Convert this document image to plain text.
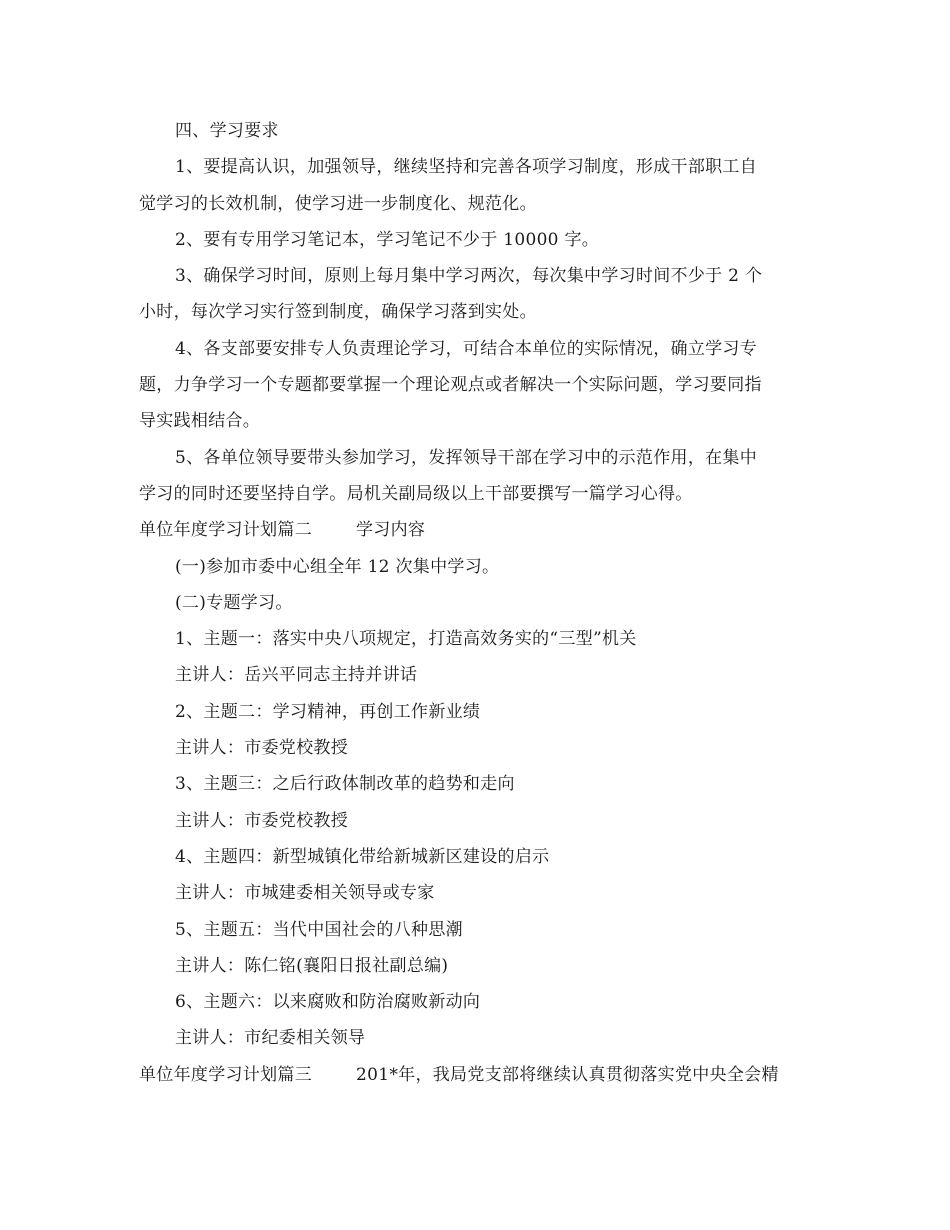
四、学习要求
1、要提高认识，加强领导，继续坚持和完善各项学习制度，形成干部职工自
觉学习的长效机制，使学习进一步制度化、规范化。
2、要有专用学习笔记本，学习笔记不少于 10000 字。
3、确保学习时间，原则上每月集中学习两次，每次集中学习时间不少于 2 个
小时，每次学习实行签到制度，确保学习落到实处。
4、各支部要安排专人负责理论学习，可结合本单位的实际情况，确立学习专
题，力争学习一个专题都要掌握一个理论观点或者解决一个实际问题，学习要同指
导实践相结合。
5、各单位领导要带头参加学习，发挥领导干部在学习中的示范作用，在集中
学习的同时还要坚持自学。局机关副局级以上干部要撰写一篇学习心得。
单位年度学习计划篇二	学习内容
(一)参加市委中心组全年 12 次集中学习。
(二)专题学习。
1、主题一：落实中央八项规定，打造高效务实的“三型”机关
主讲人：岳兴平同志主持并讲话
2、主题二：学习精神，再创工作新业绩
主讲人：市委党校教授
3、主题三：之后行政体制改革的趋势和走向
主讲人：市委党校教授
4、主题四：新型城镇化带给新城新区建设的启示
主讲人：市城建委相关领导或专家
5、主题五：当代中国社会的八种思潮
主讲人：陈仁铭(襄阳日报社副总编)
6、主题六：以来腐败和防治腐败新动向
主讲人：市纪委相关领导
单位年度学习计划篇三	201*年，我局党支部将继续认真贯彻落实党中央全会精
